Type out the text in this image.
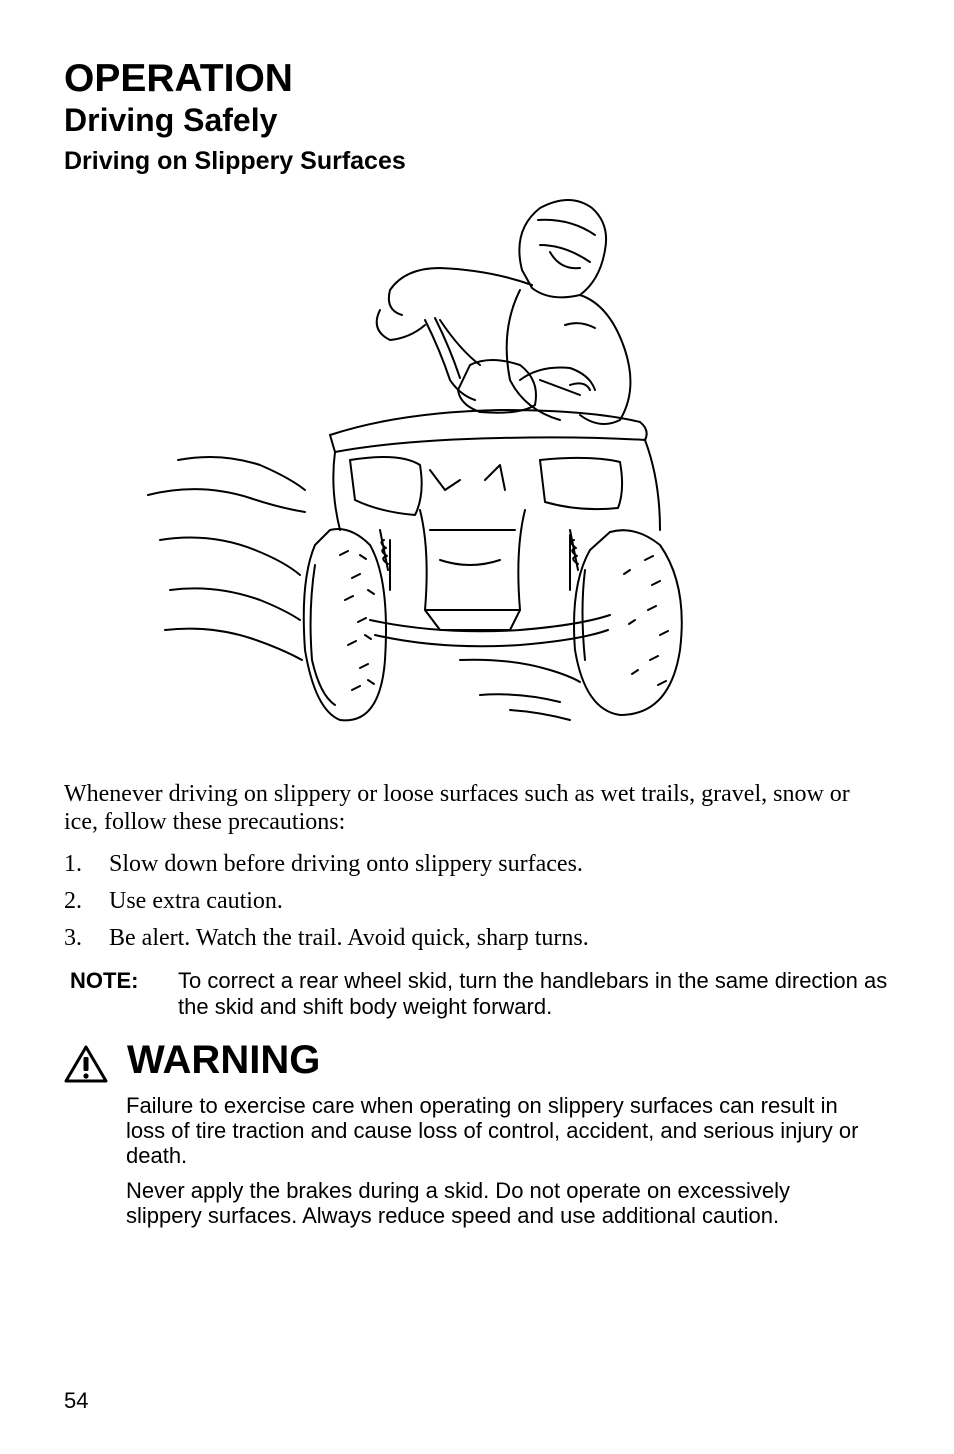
OPERATION
Driving Safely
Driving on Slippery Surfaces
Whenever driving on slippery or loose surfaces such as wet trails, gravel, snow or ice, follow these precautions:
1. Slow down before driving onto slippery surfaces.
2. Use extra caution.
3. Be alert. Watch the trail. Avoid quick, sharp turns.
NOTE: To correct a rear wheel skid, turn the handlebars in the same direction as the skid and shift body weight forward.
WARNING
Failure to exercise care when operating on slippery surfaces can result in loss of tire traction and cause loss of control, accident, and serious injury or death.
Never apply the brakes during a skid. Do not operate on excessively slippery surfaces. Always reduce speed and use additional caution.
54
